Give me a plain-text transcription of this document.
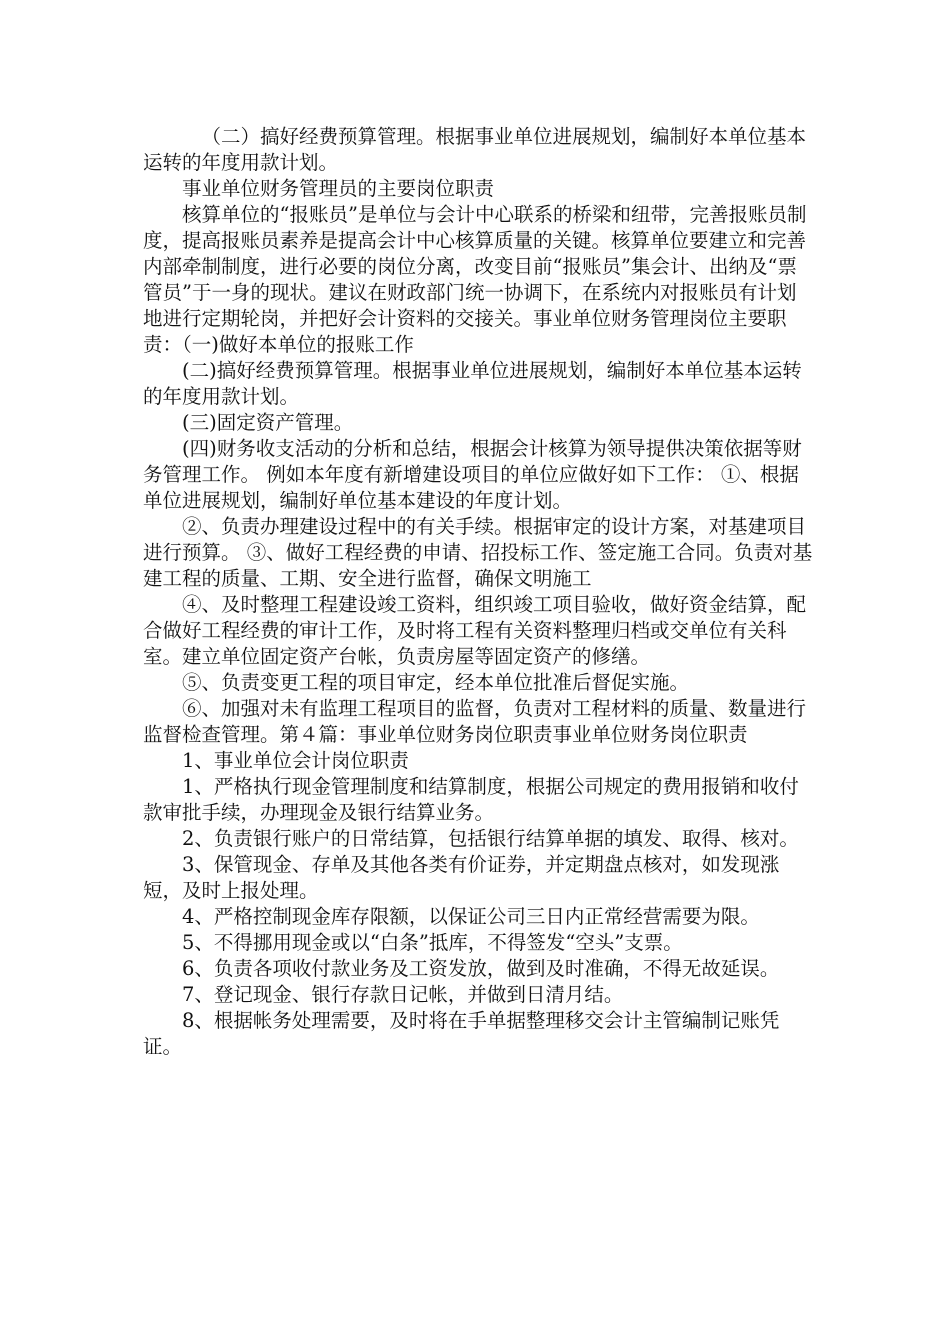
（二）搞好经费预算管理。根据事业单位进展规划，编制好本单位基本运转的年度用款计划。

事业单位财务管理员的主要岗位职责

核算单位的“报账员”是单位与会计中心联系的桥梁和纽带，完善报账员制度，提高报账员素养是提高会计中心核算质量的关键。核算单位要建立和完善内部牵制制度，进行必要的岗位分离，改变目前“报账员”集会计、出纳及“票管员”于一身的现状。建议在财政部门统一协调下，在系统内对报账员有计划地进行定期轮岗，并把好会计资料的交接关。事业单位财务管理岗位主要职责：（一)做好本单位的报账工作

(二)搞好经费预算管理。根据事业单位进展规划，编制好本单位基本运转的年度用款计划。

(三)固定资产管理。

(四)财务收支活动的分析和总结，根据会计核算为领导提供决策依据等财务管理工作。 例如本年度有新增建设项目的单位应做好如下工作： ①、根据单位进展规划，编制好单位基本建设的年度计划。

②、负责办理建设过程中的有关手续。根据审定的设计方案，对基建项目进行预算。 ③、做好工程经费的申请、招投标工作、签定施工合同。负责对基建工程的质量、工期、安全进行监督，确保文明施工

④、及时整理工程建设竣工资料，组织竣工项目验收，做好资金结算，配合做好工程经费的审计工作，及时将工程有关资料整理归档或交单位有关科室。建立单位固定资产台帐，负责房屋等固定资产的修缮。

⑤、负责变更工程的项目审定，经本单位批准后督促实施。

⑥、加强对未有监理工程项目的监督，负责对工程材料的质量、数量进行监督检查管理。第４篇：事业单位财务岗位职责事业单位财务岗位职责

1、事业单位会计岗位职责

1、严格执行现金管理制度和结算制度，根据公司规定的费用报销和收付款审批手续，办理现金及银行结算业务。

2、负责银行账户的日常结算，包括银行结算单据的填发、取得、核对。

3、保管现金、存单及其他各类有价证券，并定期盘点核对，如发现涨短，及时上报处理。

4、严格控制现金库存限额，以保证公司三日内正常经营需要为限。

5、不得挪用现金或以“白条”抵库，不得签发“空头”支票。

6、负责各项收付款业务及工资发放，做到及时准确，不得无故延误。

7、登记现金、银行存款日记帐，并做到日清月结。

8、根据帐务处理需要，及时将在手单据整理移交会计主管编制记账凭证。
